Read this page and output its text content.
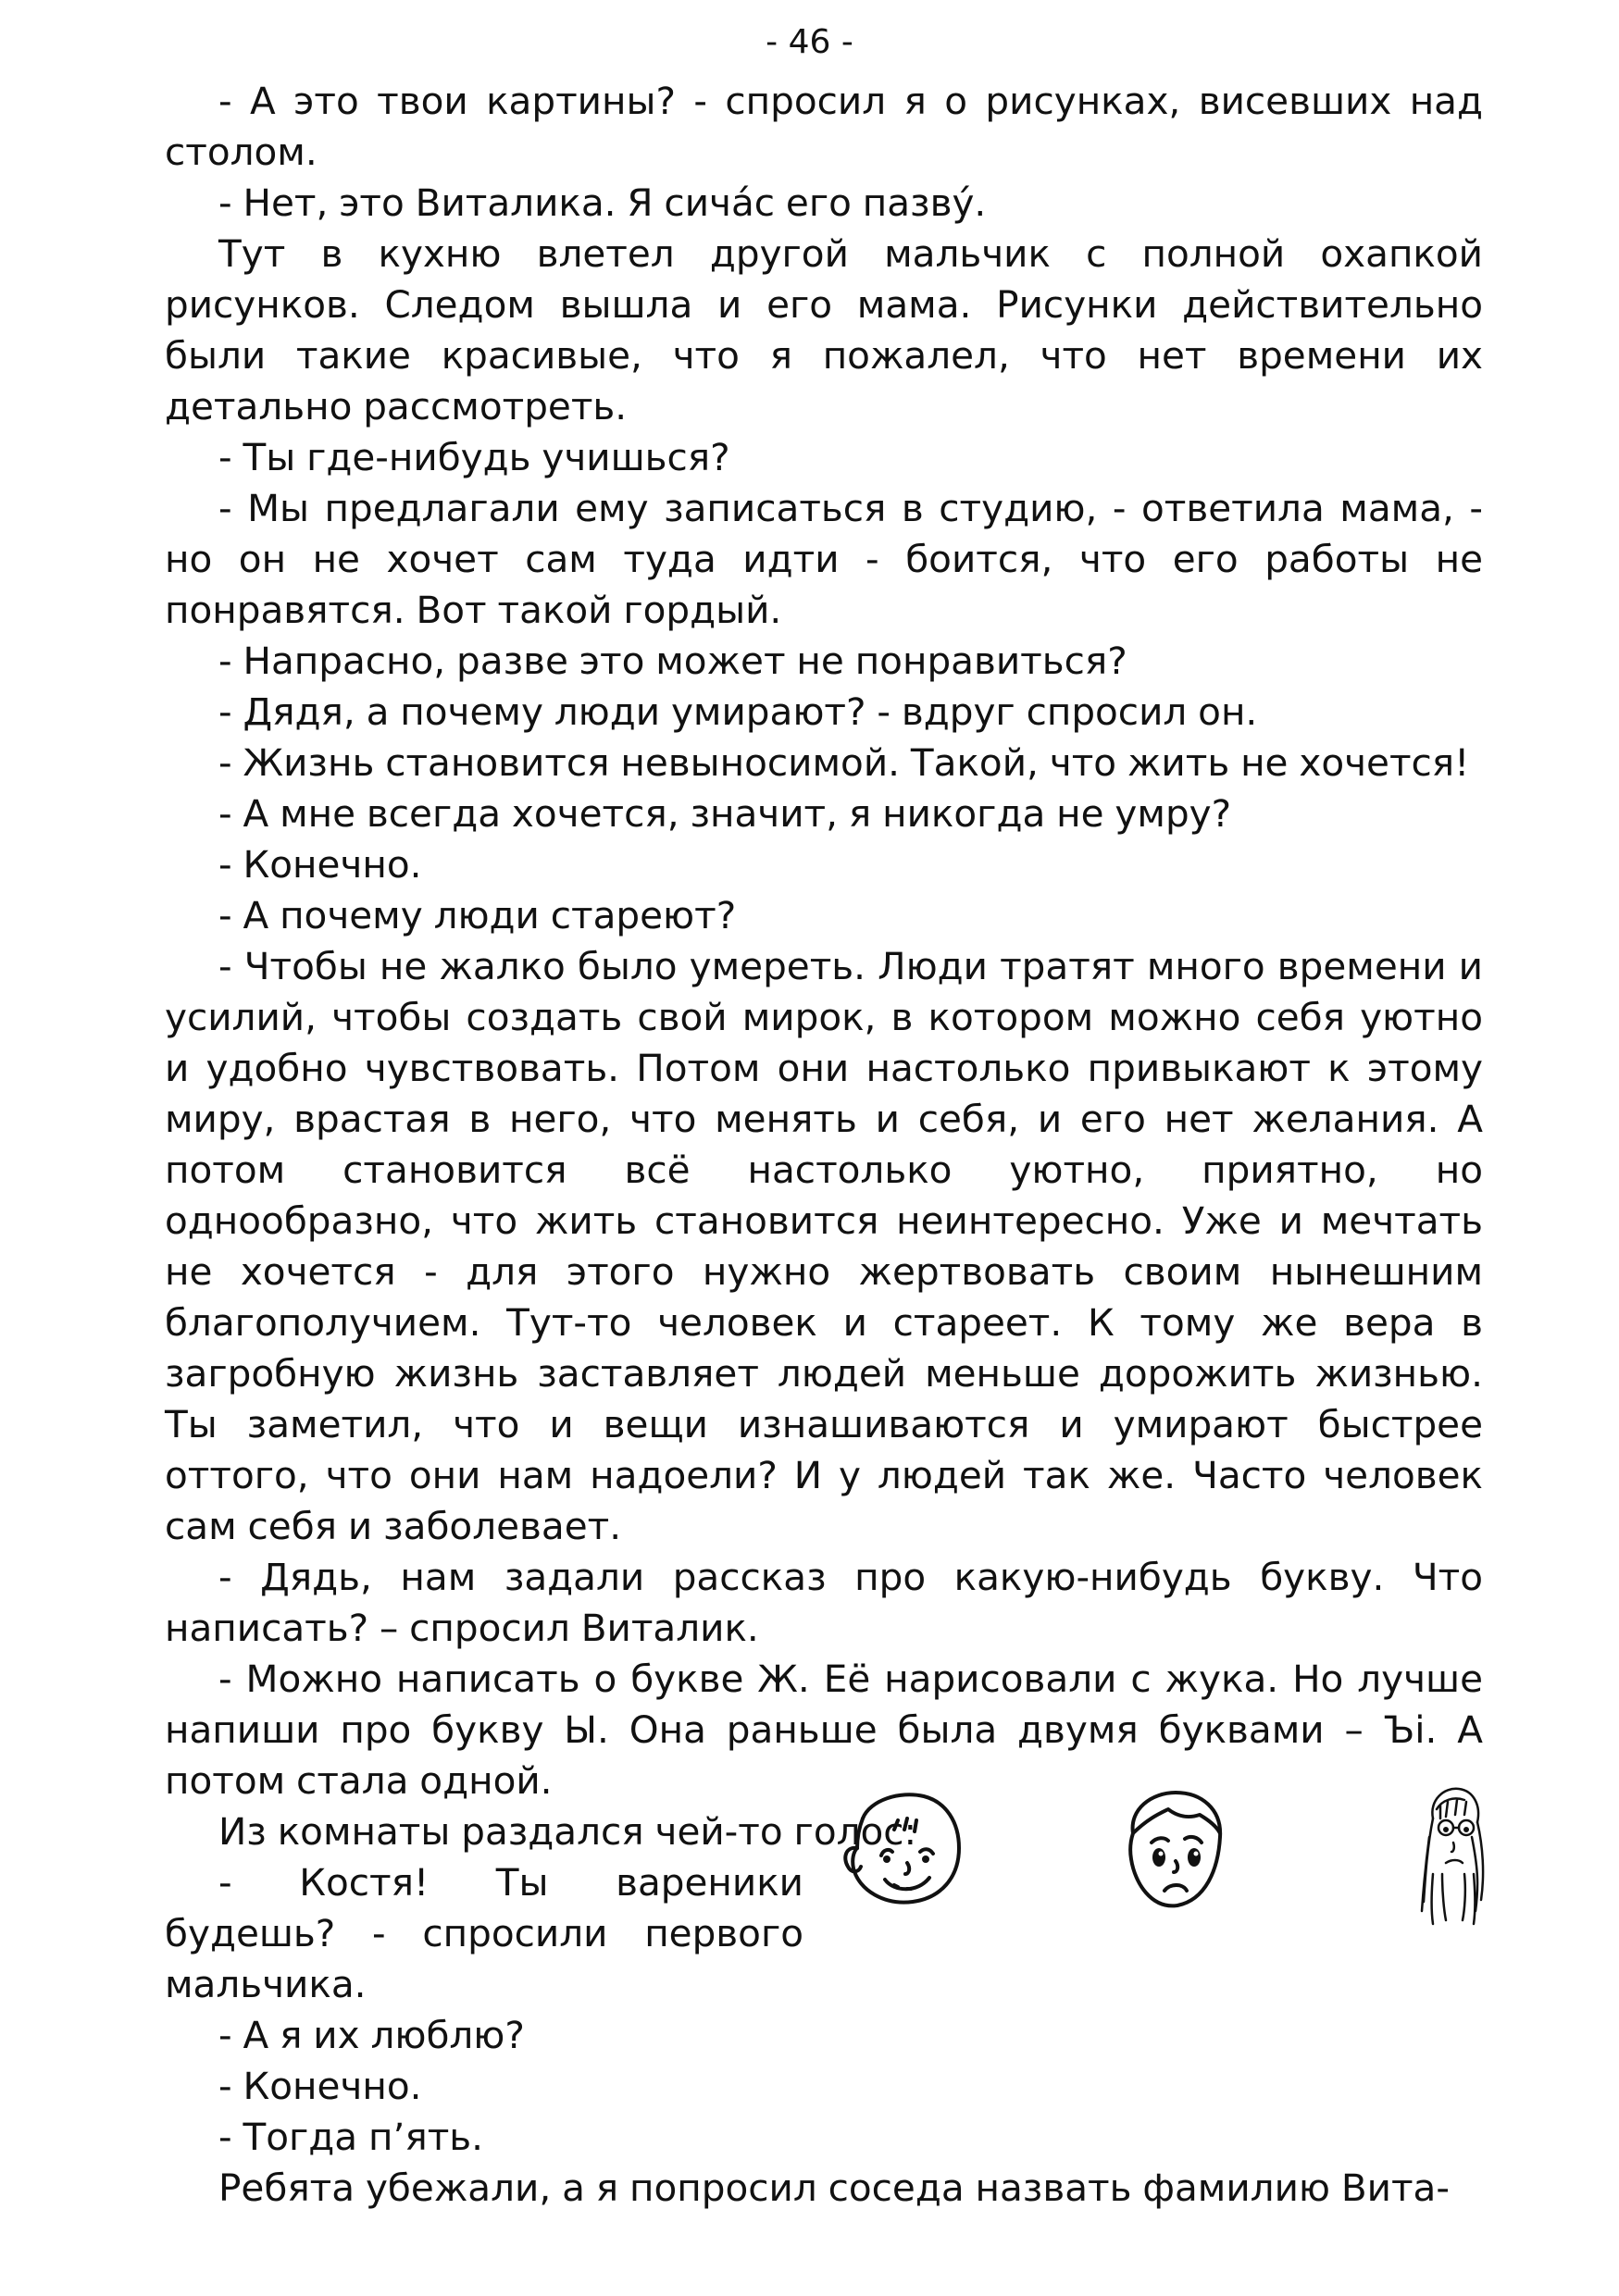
- 46 -

- А это твои картины? - спросил я о рисунках, висевших над столом.

- Нет, это Виталика. Я сича́с его пазву́.

Тут в кухню влетел другой мальчик с полной охапкой рисунков. Следом вышла и его мама. Рисунки действительно были такие красивые, что я пожалел, что нет времени их детально рассмотреть.

- Ты где-нибудь учишься?

- Мы предлагали ему записаться в студию, - ответила мама, - но он не хочет сам туда идти - боится, что его работы не понравятся. Вот такой гордый.

- Напрасно, разве это может не понравиться?

- Дядя, а почему люди умирают? - вдруг спросил он.

- Жизнь становится невыносимой. Такой, что жить не хочется!

- А мне всегда хочется, значит, я никогда не умру?

- Конечно.

- А почему люди стареют?

- Чтобы не жалко было умереть. Люди тратят много времени и усилий, чтобы создать свой мирок, в котором можно себя уютно и удобно чувствовать. Потом они настолько привыкают к этому миру, врастая в него, что менять и себя, и его нет желания. А потом становится всё настолько уютно, приятно, но однообразно, что жить становится неинтересно. Уже и мечтать не хочется - для этого нужно жертвовать своим нынешним благополучием. Тут-то человек и стареет. К тому же вера в загробную жизнь заставляет людей меньше дорожить жизнью. Ты заметил, что и вещи изнашиваются и умирают быстрее оттого, что они нам надоели? И у людей так же. Часто человек сам себя и заболевает.

- Дядь, нам задали рассказ про какую-нибудь букву. Что написать? – спросил Виталик.

- Можно написать о букве Ж. Её нарисовали с жука. Но лучше напиши про букву Ы. Она раньше была двумя буквами – Ъi. А потом стала одной.

Из комнаты раздался чей-то голос:

- Костя! Ты вареники будешь? - спросили первого мальчика.

- А я их люблю?

- Конечно.

- Тогда п’ять.

Ребята убежали, а я попросил соседа назвать фамилию Вита-
